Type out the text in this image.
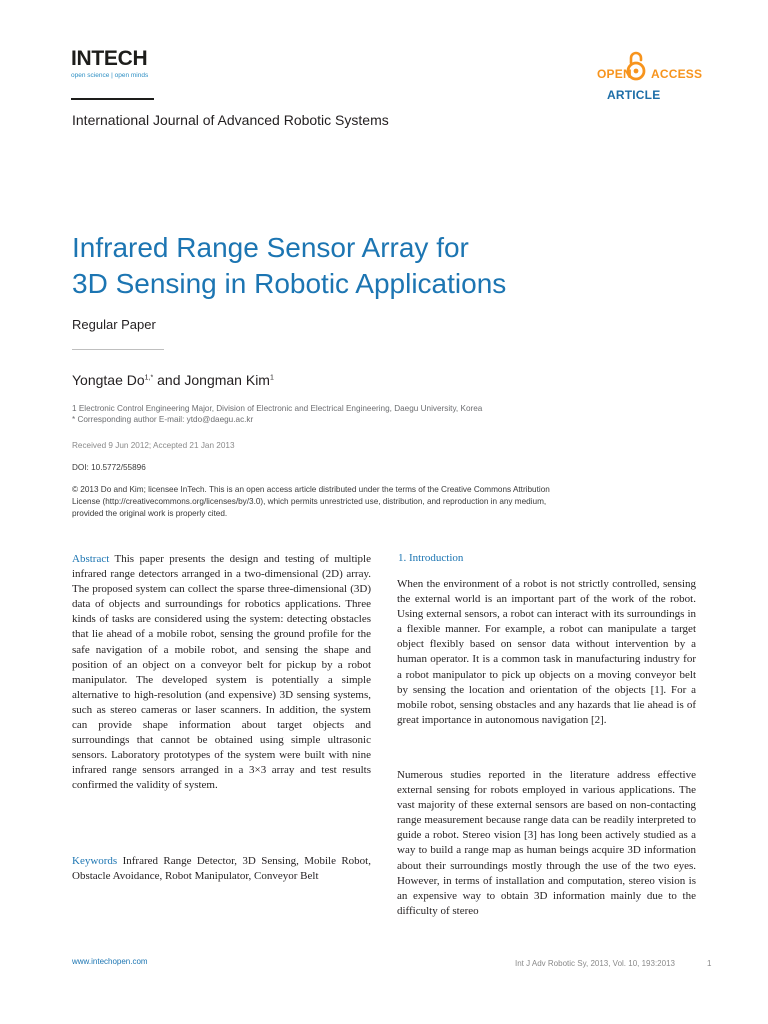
INTECH
open science | open minds	OPEN ACCESS
ARTICLE
International Journal of Advanced Robotic Systems
Infrared Range Sensor Array for
3D Sensing in Robotic Applications
Regular Paper
Yongtae $Do^{1,*}$ and Jongman Kim$^1$
1 Electronic Control Engineering Major, Division of Electronic and Electrical Engineering, Daegu University, Korea
* Corresponding author E-mail: ytdo@daegu.ac.kr
Received 9 Jun 2012; Accepted 21 Jan 2013
DOI: 10.5772/55896
© 2013 Do and Kim; licensee InTech. This is an open access article distributed under the terms of the Creative Commons Attribution License (http://creativecommons.org/licenses/by/3.0), which permits unrestricted use, distribution, and reproduction in any medium, provided the original work is properly cited.
Abstract This paper presents the design and testing of multiple infrared range detectors arranged in a two-dimensional (2D) array. The proposed system can collect the sparse three-dimensional (3D) data of objects and surroundings for robotics applications. Three kinds of tasks are considered using the system: detecting obstacles that lie ahead of a mobile robot, sensing the ground profile for the safe navigation of a mobile robot, and sensing the shape and position of an object on a conveyor belt for pickup by a robot manipulator. The developed system is potentially a simple alternative to high-resolution (and expensive) 3D sensing systems, such as stereo cameras or laser scanners. In addition, the system can provide shape information about target objects and surroundings that cannot be obtained using simple ultrasonic sensors. Laboratory prototypes of the system were built with nine infrared range sensors arranged in a 3×3 array and test results confirmed the validity of system.
Keywords Infrared Range Detector, 3D Sensing, Mobile Robot, Obstacle Avoidance, Robot Manipulator, Conveyor Belt
1. Introduction
When the environment of a robot is not strictly controlled, sensing the external world is an important part of the work of the robot. Using external sensors, a robot can interact with its surroundings in a flexible manner. For example, a robot can manipulate a target object flexibly based on sensor data without intervention by a human operator. It is a common task in manufacturing industry for a robot manipulator to pick up objects on a moving conveyor belt by sensing the location and orientation of the objects [1]. For a mobile robot, sensing obstacles and any hazards that lie ahead is of great importance in autonomous navigation [2].
Numerous studies reported in the literature address effective external sensing for robots employed in various applications. The vast majority of these external sensors are based on non-contacting range measurement because range data can be readily interpreted to guide a robot. Stereo vision [3] has long been actively studied as a way to build a range map as human beings acquire 3D information about their surroundings mostly through the use of the two eyes. However, in terms of installation and computation, stereo vision is an expensive way to obtain 3D information mainly due to the difficulty of stereo
www.intechopen.com	Int J Adv Robotic Sy, 2013, Vol. 10, 193:2013	1
